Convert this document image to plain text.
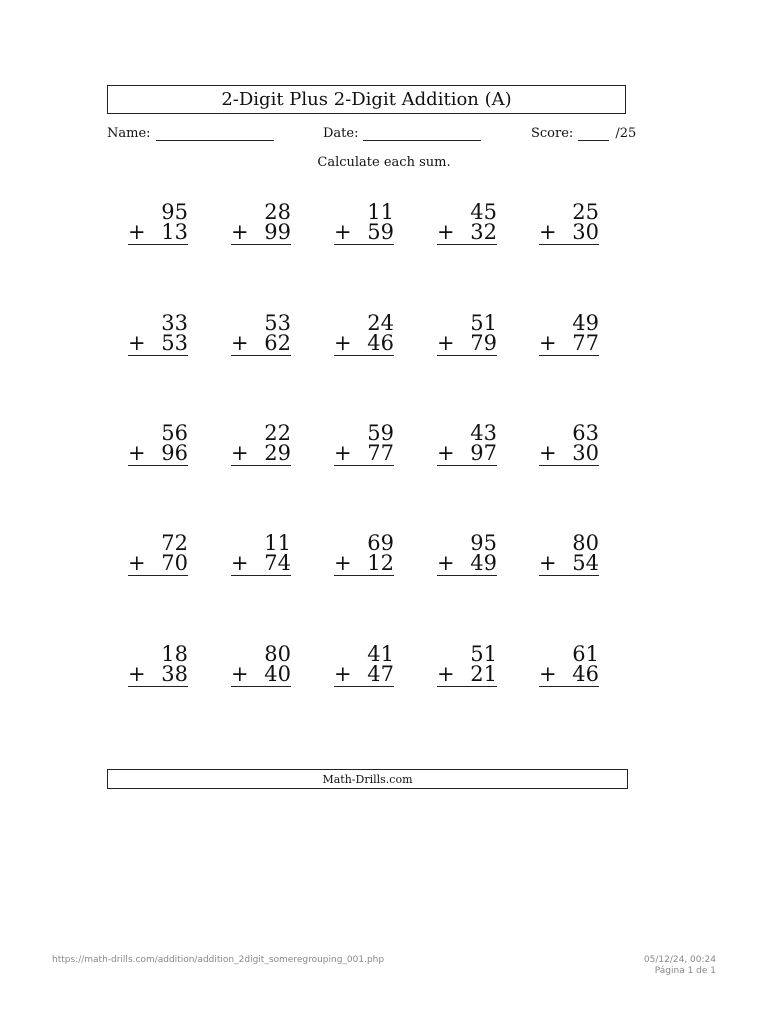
2-Digit Plus 2-Digit Addition (A)
Name:	Date:	Score:	/25
Calculate each sum.
95
+ 13
28
+ 99
11
+ 59
45
+ 32
25
+ 30
33
+ 53
53
+ 62
24
+ 46
51
+ 79
49
+ 77
56
+ 96
22
+ 29
59
+ 77
43
+ 97
63
+ 30
72
+ 70
11
+ 74
69
+ 12
95
+ 49
80
+ 54
18
+ 38
80
+ 40
41
+ 47
51
+ 21
61
+ 46
Math-Drills.com
https://math-drills.com/addition/addition_2digit_someregrouping_001.php	05/12/24, 00:24
Página 1 de 1
